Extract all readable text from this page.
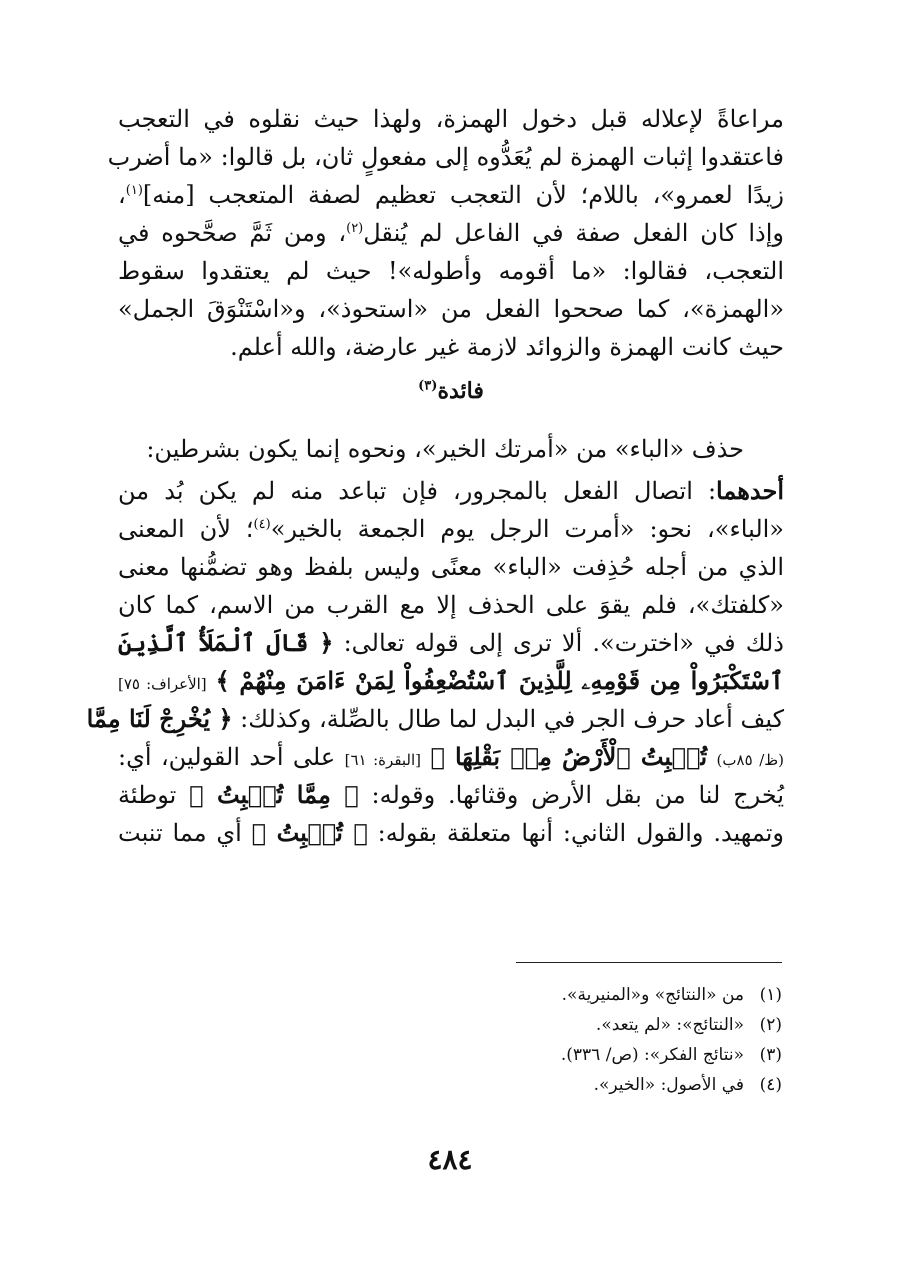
مراعاةً لإعلاله قبل دخول الهمزة، ولهذا حيث نقلوه في التعجب
فاعتقدوا إثبات الهمزة لم يُعَدُّوه إلى مفعولٍ ثان، بل قالوا: «ما أضرب
زيدًا لعمرو»، باللام؛ لأن التعجب تعظيم لصفة المتعجب [منه]$^{(١)}$،
وإذا كان الفعل صفة في الفاعل لم يُنقل$^{(٢)}$، ومن ثَمَّ صحَّحوه في
التعجب، فقالوا: «ما أقومه وأطوله»! حيث لم يعتقدوا سقوط
«الهمزة»، كما صححوا الفعل من «استحوذ»، و«اسْتَنْوَقَ الجمل»
حيث كانت الهمزة والزوائد لازمة غير عارضة، والله أعلم.
فائدة$^{(٣)}$
حذف «الباء» من «أمرتك الخير»، ونحوه إنما يكون بشرطين:
أحدهما: اتصال الفعل بالمجرور، فإن تباعد منه لم يكن بُد من
«الباء»، نحو: «أمرت الرجل يوم الجمعة بالخير»$^{(٤)}$؛ لأن المعنى
الذي من أجله حُذِفت «الباء» معنًى وليس بلفظ وهو تضمُّنها معنى
«كلفتك»، فلم يقوَ على الحذف إلا مع القرب من الاسم، كما كان
ذلك في «اخترت». ألا ترى إلى قوله تعالى: ﴿ قَالَ ٱلْمَلَأُ ٱلَّذِينَ
ٱسْتَكْبَرُواْ مِن قَوْمِهِۦ لِلَّذِينَ ٱسْتُضْعِفُواْ لِمَنْ ءَامَنَ مِنْهُمْ ﴾ [الأعراف: ٧٥]
كيف أعاد حرف الجر في البدل لما طال بالصِّلة، وكذلك: ﴿ يُخْرِجْ لَنَا مِمَّا
(ظ/ ٨٥ب) تُنۢبِتُ ٱلْأَرْضُ مِنۢ بَقْلِهَا ﴾ [البقرة: ٦١] على أحد القولين، أي:
يُخرج لنا من بقل الأرض وقثائها. وقوله: ﴿ مِمَّا تُنۢبِتُ ﴾ توطئة
وتمهيد. والقول الثاني: أنها متعلقة بقوله: ﴿ تُنۢبِتُ ﴾ أي مما تنبت
(١)من «النتائج» و«المنيرية».
(٢)«النتائج»: «لم يتعد».
(٣)«نتائج الفكر»: (ص/ ٣٣٦).
(٤)في الأصول: «الخير».
٤٨٤
